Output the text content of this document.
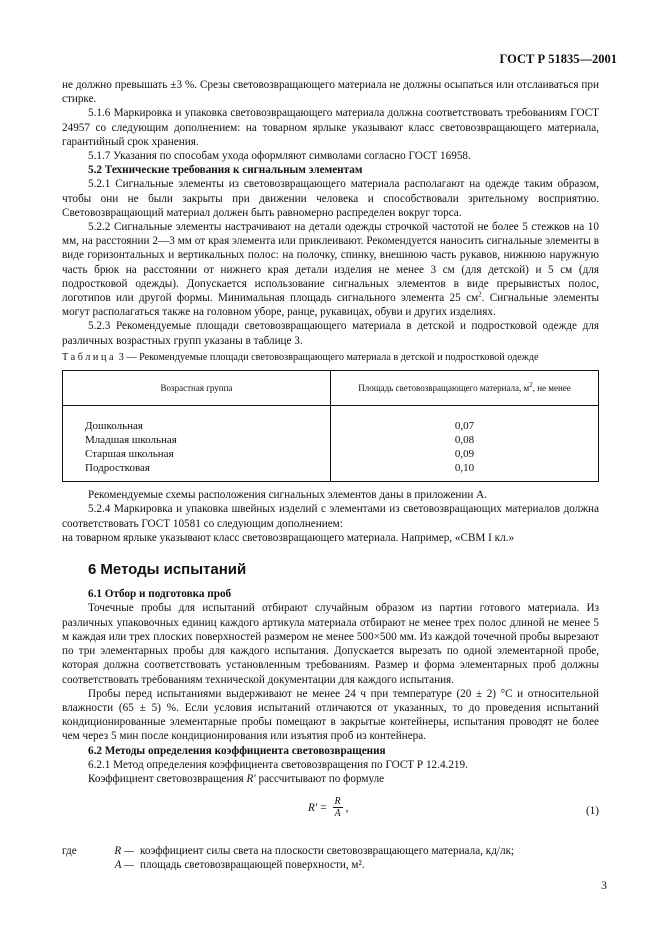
ГОСТ Р 51835—2001

не должно превышать ±3 %. Срезы световозвращающего материала не должны осыпаться или отслаиваться при стирке.

5.1.6 Маркировка и упаковка световозвращающего материала должна соответствовать требованиям ГОСТ 24957 со следующим дополнением: на товарном ярлыке указывают класс световозвращающего материала, гарантийный срок хранения.

5.1.7 Указания по способам ухода оформляют символами согласно ГОСТ 16958.

5.2 Технические требования к сигнальным элементам

5.2.1 Сигнальные элементы из световозвращающего материала располагают на одежде таким образом, чтобы они не были закрыты при движении человека и способствовали зрительному восприятию. Световозвращающий материал должен быть равномерно распределен вокруг торса.

5.2.2 Сигнальные элементы настрачивают на детали одежды строчкой частотой не более 5 стежков на 10 мм, на расстоянии 2—3 мм от края элемента или приклеивают. Рекомендуется наносить сигнальные элементы в виде горизонтальных и вертикальных полос: на полочку, спинку, внешнюю часть рукавов, нижнюю наружную часть брюк на расстоянии от нижнего края детали изделия не менее 3 см (для детской) и 5 см (для подростковой одежды). Допускается использование сигнальных элементов в виде прерывистых полос, логотипов или другой формы. Минимальная площадь сигнального элемента 25 $см^2$. Сигнальные элементы могут располагаться также на головном уборе, ранце, рукавицах, обуви и других изделиях.

5.2.3 Рекомендуемые площади световозвращающего материала в детской и подростковой одежде для различных возрастных групп указаны в таблице 3.

Таблица 3 — Рекомендуемые площади световозвращающего материала в детской и подростковой одежде
Возрастная группа	Площадь световозвращающего материала, $м^2$, не менее
Дошкольная	0,07
Младшая школьная	0,08
Старшая школьная	0,09
Подростковая	0,10

Рекомендуемые схемы расположения сигнальных элементов даны в приложении А.

5.2.4 Маркировка и упаковка швейных изделий с элементами из световозвращающих материалов должна соответствовать ГОСТ 10581 со следующим дополнением:

на товарном ярлыке указывают класс световозвращающего материала. Например, «СВМ I кл.»

6 Методы испытаний

6.1 Отбор и подготовка проб

Точечные пробы для испытаний отбирают случайным образом из партии готового материала. Из различных упаковочных единиц каждого артикула материала отбирают не менее трех полос длиной не менее 5 м каждая или трех плоских поверхностей размером не менее 500×500 мм. Из каждой точечной пробы вырезают по три элементарных пробы для каждого испытания. Допускается вырезать по одной элементарной пробе, которая должна соответствовать установленным требованиям. Размер и форма элементарных проб должны соответствовать требованиям технической документации для каждого испытания.

Пробы перед испытаниями выдерживают не менее 24 ч при температуре (20 ± 2) °С и относительной влажности (65 ± 5) %. Если условия испытаний отличаются от указанных, то до проведения испытаний кондиционированные элементарные пробы помещают в закрытые контейнеры, испытания проводят не более чем через 5 мин после кондиционирования или изъятия проб из контейнера.

6.2 Методы определения коэффициента световозвращения

6.2.1 Метод определения коэффициента световозвращения по ГОСТ Р 12.4.219.

Коэффициент световозвращения R' рассчитывают по формуле

$R' = \frac{R}{A}$ ,	(1)
где	R — коэффициент силы света на плоскости световозвращающего материала, кд/лк;
A — площадь световозвращающей поверхности, м².
3
